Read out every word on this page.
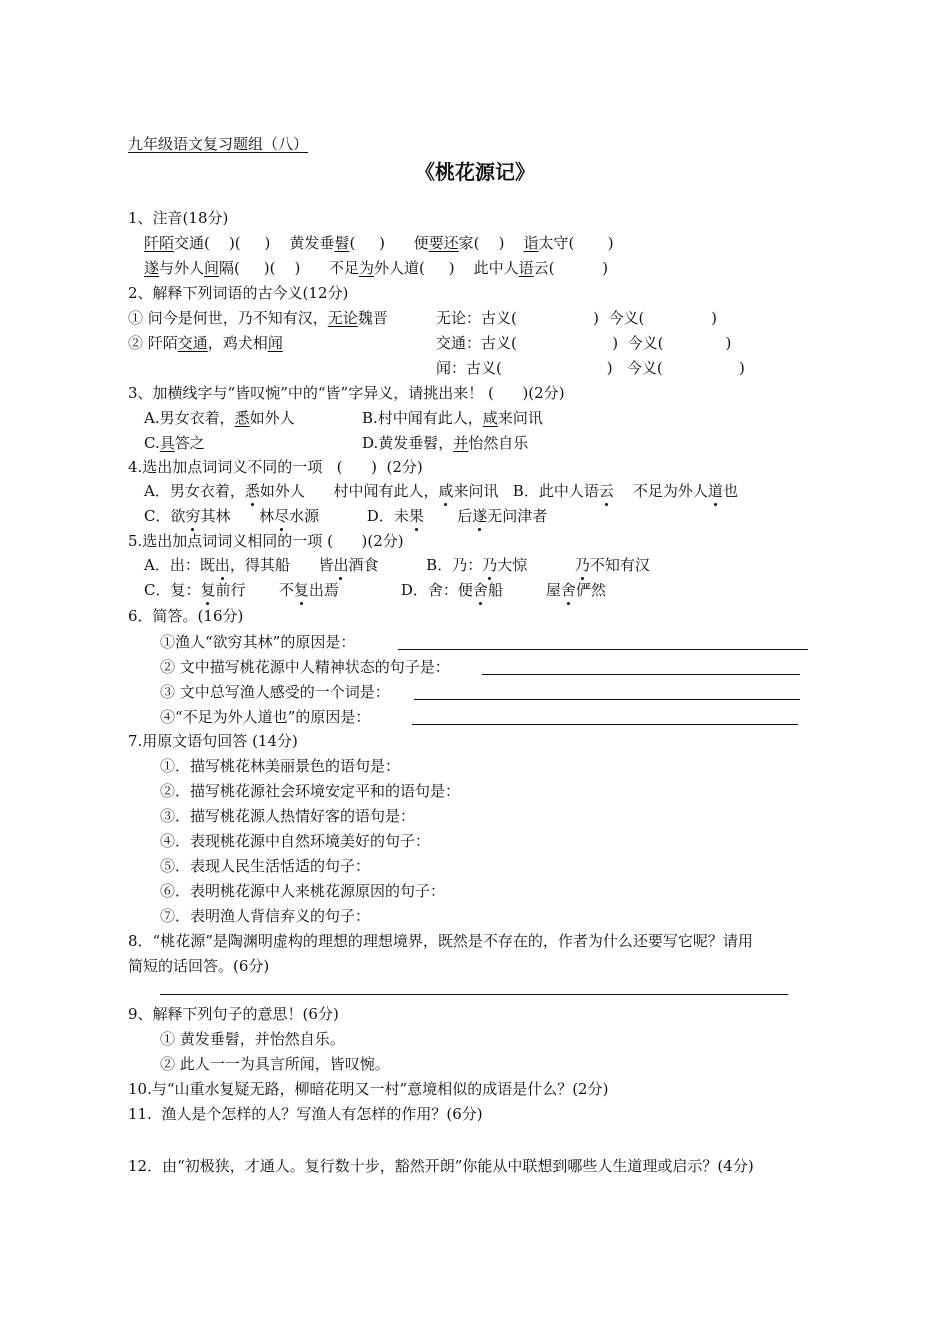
九年级语文复习题组（八）
《桃花源记》
1、注音(18分)
阡陌交通(    )(     )    黄发垂髫(     )      便要还家(    ) 诣太守(       )
遂与外人间隔(     )(    )      不足为外人道(     )    此中人语云(          )
2、解释下列词语的古今义(12分)
① 问今是何世，乃不知有汉，无论魏晋	无论：古义(                )  今义(              )
② 阡陌交通，鸡犬相闻	交通：古义(                    )  今义(             )
闻：古义(                      )   今义(                )
3、加横线字与“皆叹惋”中的“皆”字异义，请挑出来！ (      )(2分)
A.男女衣着，悉如外人	B.村中闻有此人，咸来问讯
C.具答之	D.黄发垂髫，并怡然自乐
4.选出加点词词义不同的一项   (      )  (2分)
A．男女衣着，悉如外人      村中闻有此人，咸来问讯   B．此中人语云    不足为外人道也
C．欲穷其林      林尽水源          D．未果       后遂无问津者
5.选出加点词词义相同的一项 (      )(2分)
A．出：既出，得其船      皆出酒食          B．乃：乃大惊          乃不知有汉
C．复：复前行       不复出焉             D．舍：便舍船         屋舍俨然
6．简答。(16分)
①渔人“欲穷其林”的原因是：
② 文中描写桃花源中人精神状态的句子是：
③ 文中总写渔人感受的一个词是：
④“不足为外人道也”的原因是：
7.用原文语句回答 (14分)
①．描写桃花林美丽景色的语句是：
②．描写桃花源社会环境安定平和的语句是：
③．描写桃花源人热情好客的语句是：
④．表现桃花源中自然环境美好的句子：
⑤．表现人民生活恬适的句子：
⑥．表明桃花源中人来桃花源原因的句子：
⑦．表明渔人背信弃义的句子：
8．“桃花源”是陶渊明虚构的理想的理想境界，既然是不存在的，作者为什么还要写它呢？请用
简短的话回答。(6分)
9、解释下列句子的意思！(6分)
① 黄发垂髫，并怡然自乐。
② 此人一一为具言所闻，皆叹惋。
10.与“山重水复疑无路，柳暗花明又一村”意境相似的成语是什么？(2分)
11.  渔人是个怎样的人？写渔人有怎样的作用？(6分)
12．由“初极狭，才通人。复行数十步，豁然开朗”你能从中联想到哪些人生道理或启示？(4分)
